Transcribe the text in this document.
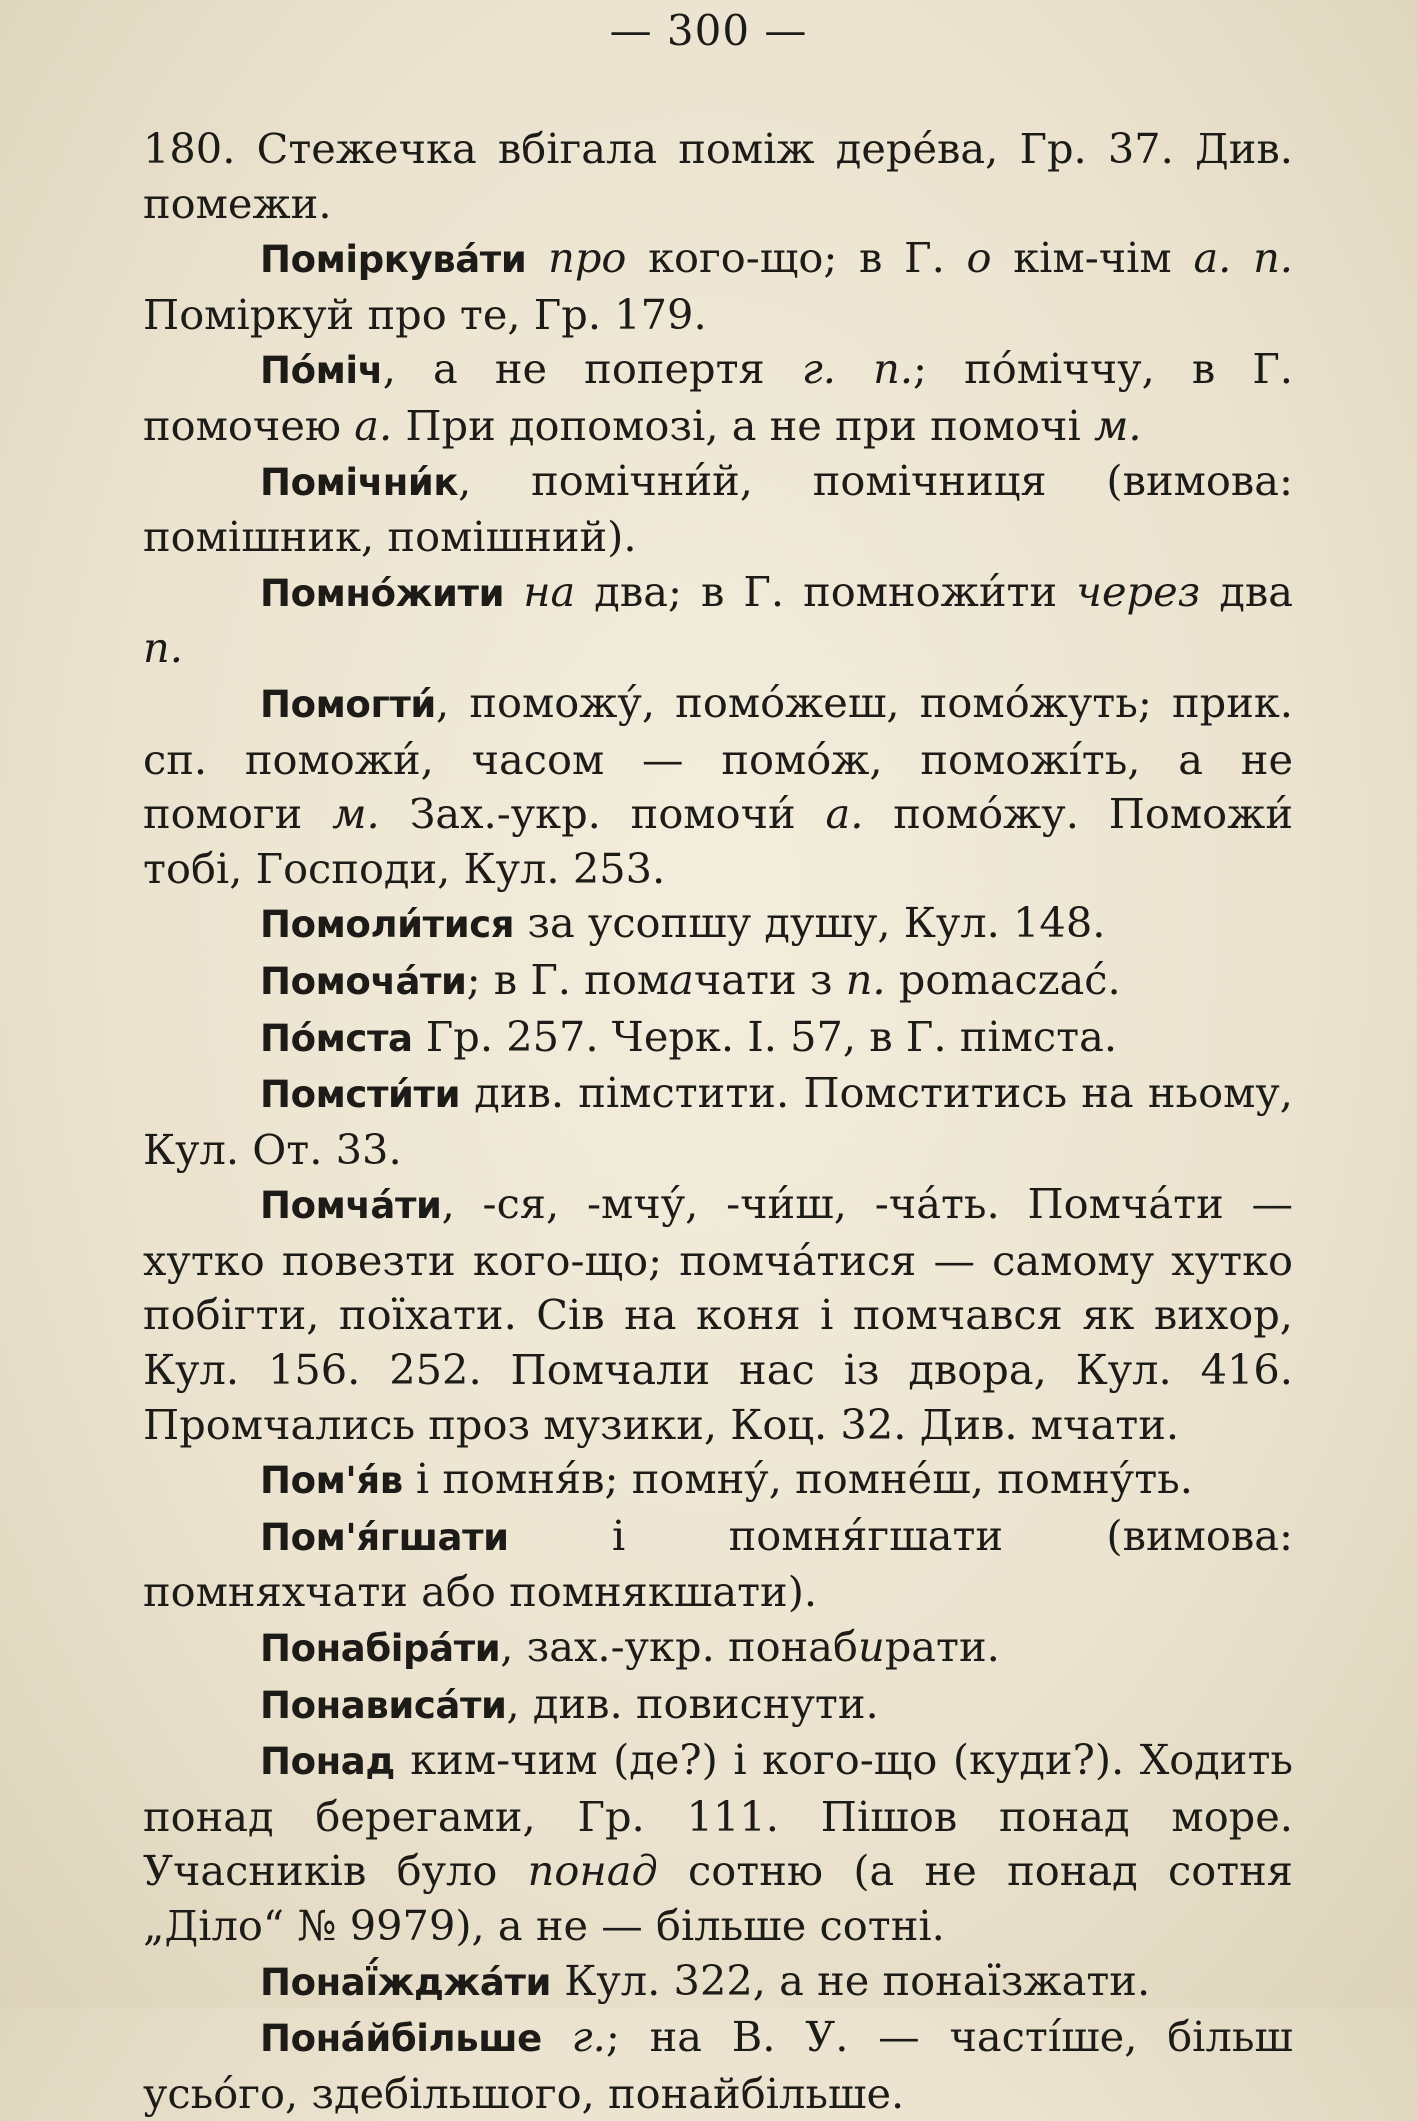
— 300 —

180. Стежечка вбігала поміж дерéва, Гр. 37. Див. помежи.

Поміркувáти про кого-що; в Г. о кім-чім а. п. Поміркуй про те, Гр. 179.

Пóміч, а не попертя г. п.; пóміччу, в Г. помочею а. При допомозі, а не при помочі м.

Помічни́к, помічни́й, помічниця (вимова: помішник, помішний).

Помнóжити на два; в Г. помножи́ти через два п.

Помогти́, поможу́, помóжеш, помóжуть; прик. сп. поможи́, часом — помóж, поможíть, а не помоги м. Зах.-укр. помочи́ а. помóжу. Поможи́ тобі, Господи, Кул. 253.

Помоли́тися за усопшу душу, Кул. 148.

Помочáти; в Г. помачати з п. pomaczać.

Пóмста Гр. 257. Черк. І. 57, в Г. пімста.

Помсти́ти див. пімстити. Помститись на ньому, Кул. От. 33.

Помчáти, -ся, -мчу́, -чи́ш, -чáть. Помчáти — хутко повезти кого-що; помчáтися — самому хутко побігти, поїхати. Сів на коня і помчався як вихор, Кул. 156. 252. Помчали нас із двора, Кул. 416. Промчались проз музики, Коц. 32. Див. мчати.

Пом'я́в і помня́в; помну́, помнéш, помну́ть.

Пом'я́гшати і помня́гшати (вимова: помняхчати або помнякшати).

Понабірáти, зах.-укр. понабирати.

Понависáти, див. повиснути.

Понад ким-чим (де?) і кого-що (куди?). Ходить понад берегами, Гр. 111. Пішов понад море. Учасників було понад сотню (а не понад сотня „Діло“ № 9979), а не — більше сотні.

Понаї́жджáти Кул. 322, а не понаїзжати.

Понáйбільше г.; на В. У. — частíше, більш усьóго, здебільшого, понайбільше.
